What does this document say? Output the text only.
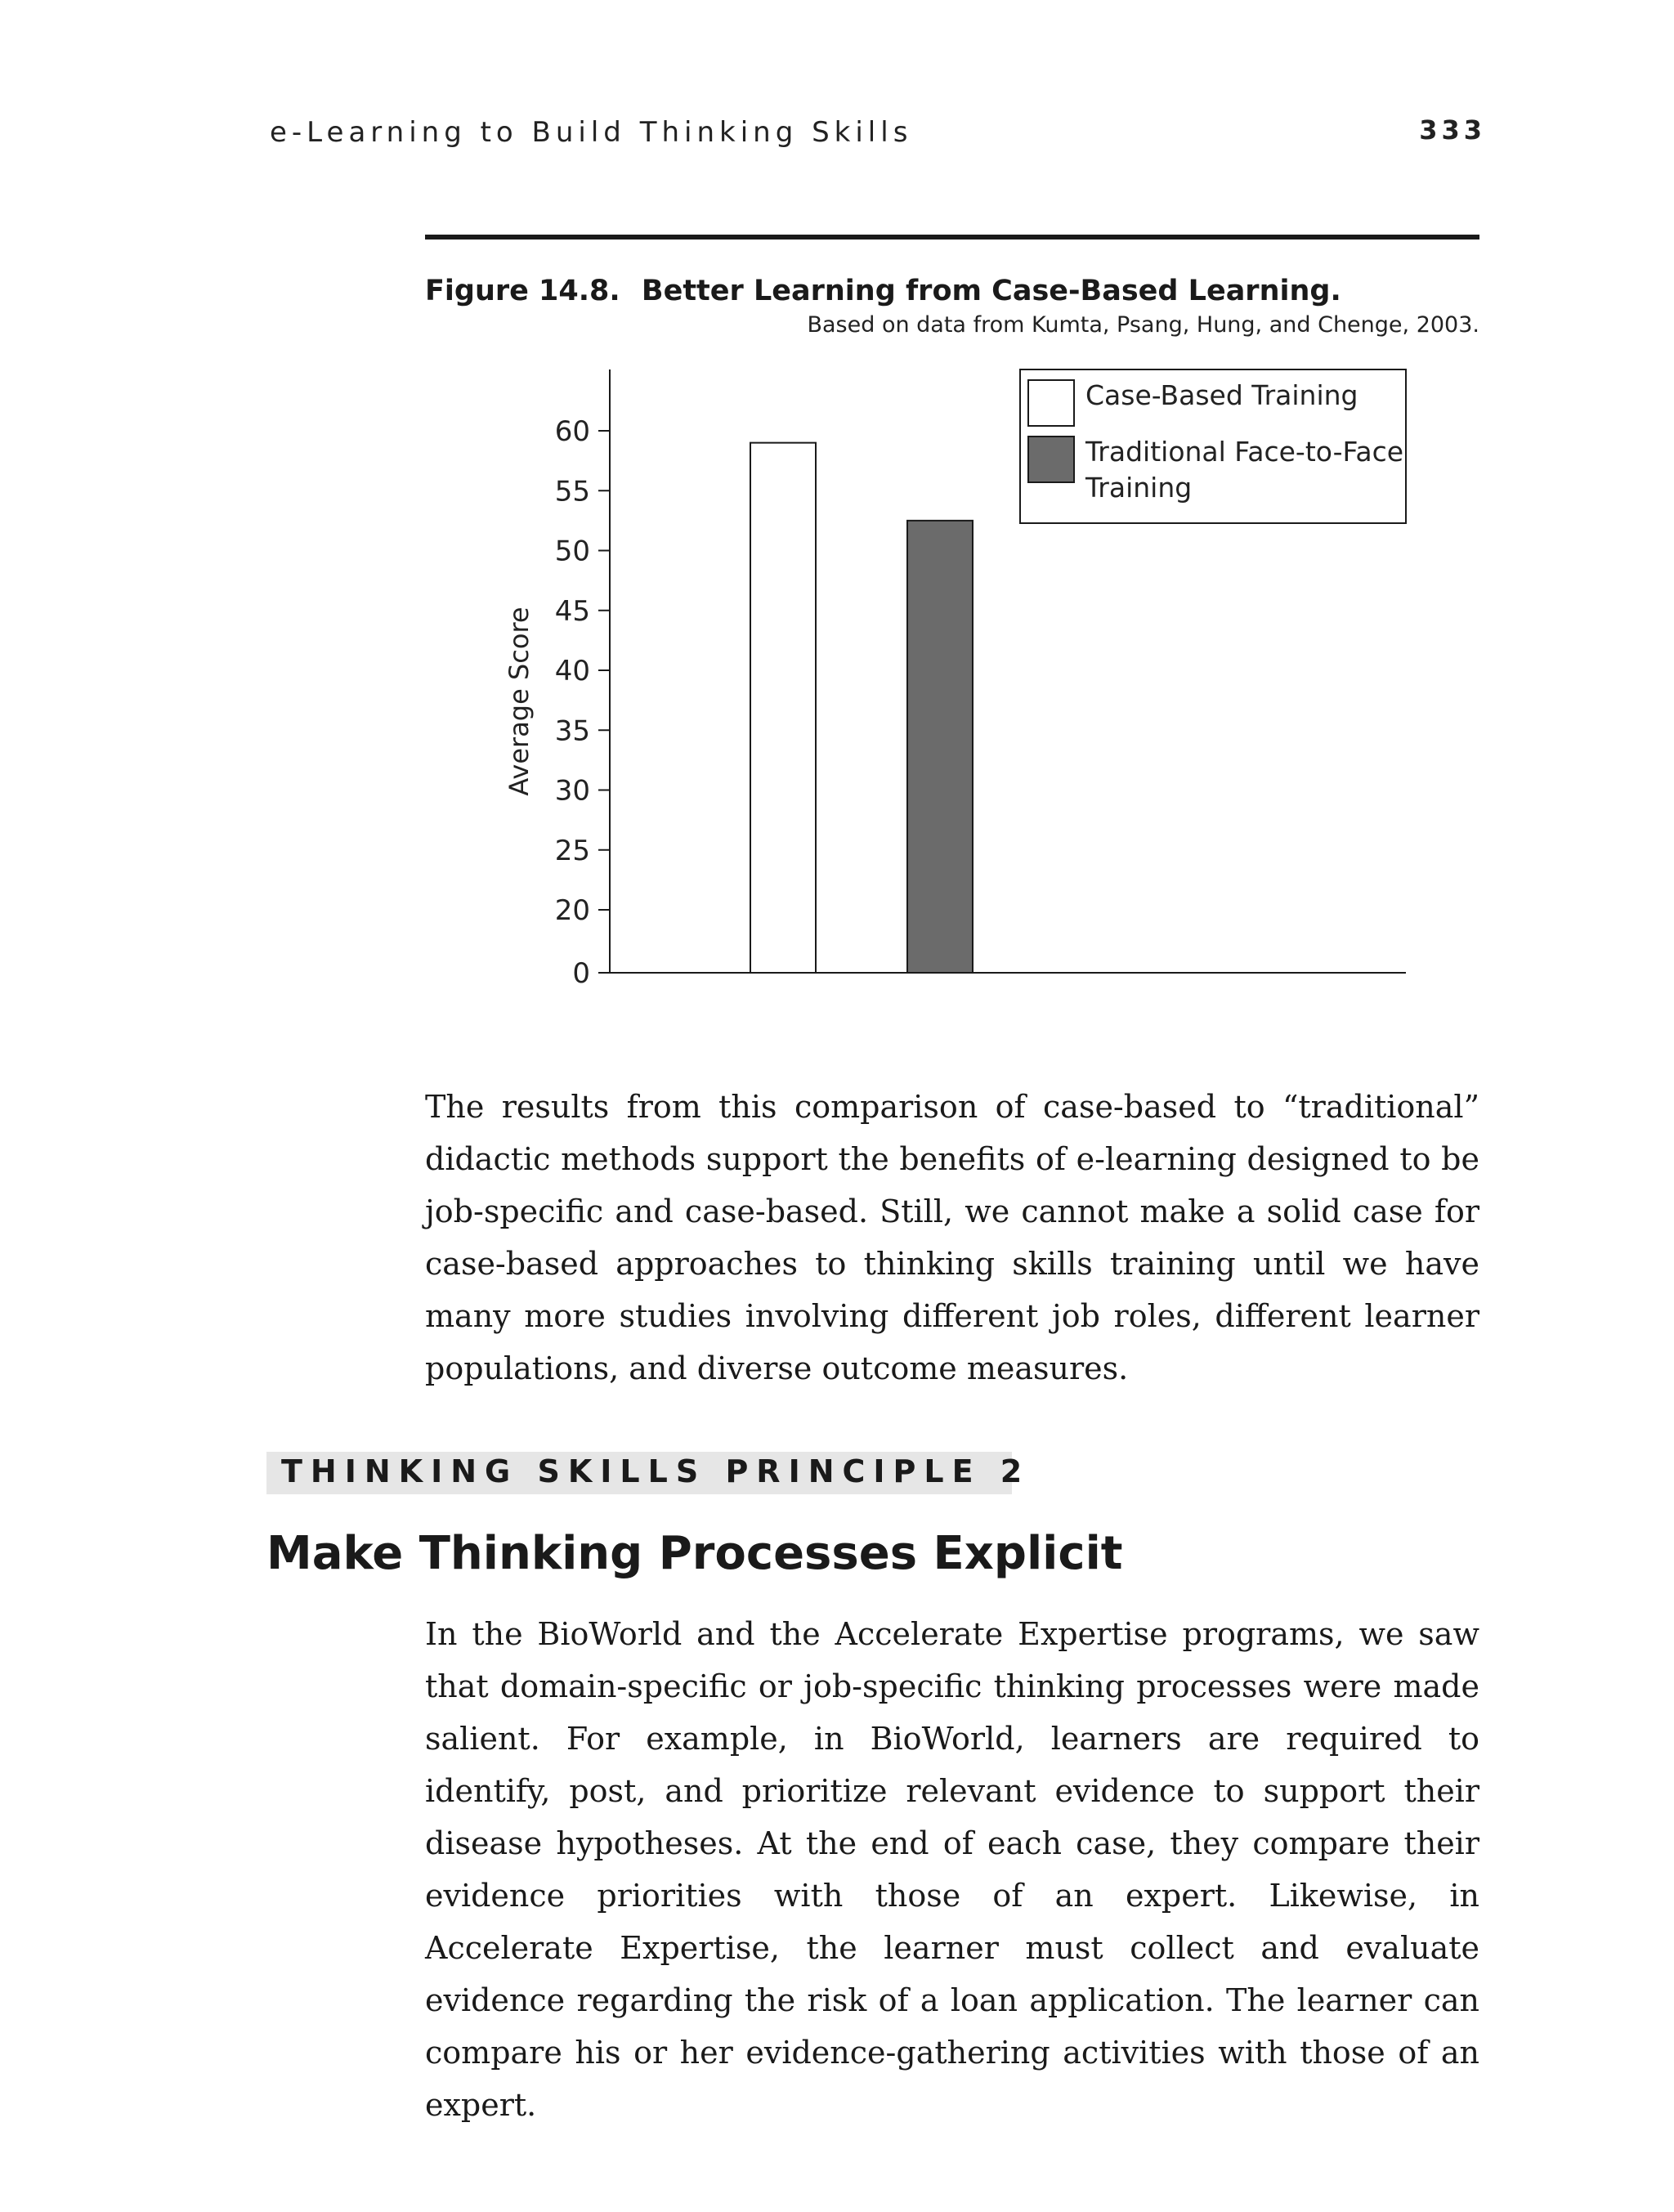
e-Learning to Build Thinking Skills	333
Figure 14.8. Better Learning from Case-Based Learning.
Based on data from Kumta, Psang, Hung, and Chenge, 2003.
0
20
25
30
35
40
45
50
55
60
Case-Based Training
Traditional Face-to-Face
Training
Average Score

The results from this comparison of case-based to “traditional” didactic methods support the benefits of e-learning designed to be job-specific and case-based. Still, we cannot make a solid case for case-based approaches to thinking skills training until we have many more studies involving different job roles, different learner populations, and diverse outcome measures.

THINKING SKILLS PRINCIPLE 2
Make Thinking Processes Explicit

In the BioWorld and the Accelerate Expertise programs, we saw that domain-specific or job-specific thinking processes were made salient. For example, in BioWorld, learners are required to identify, post, and prioritize relevant evidence to support their disease hypotheses. At the end of each case, they compare their evidence priorities with those of an expert. Likewise, in Accelerate Expertise, the learner must collect and evaluate evidence regarding the risk of a loan application. The learner can compare his or her evidence-gathering activities with those of an expert.
